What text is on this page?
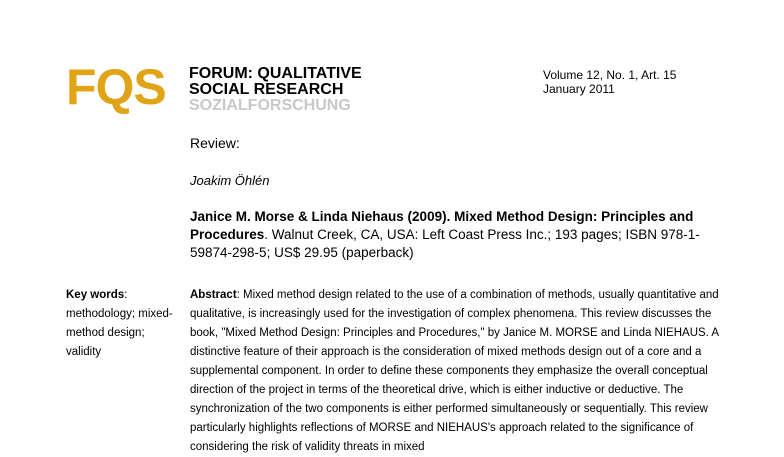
FQS FORUM: QUALITATIVE
SOCIAL RESEARCH
SOZIALFORSCHUNG
Volume 12, No. 1, Art. 15
January 2011
Review:
Joakim Öhlén
Janice M. Morse & Linda Niehaus (2009). Mixed Method Design: Principles and Procedures. Walnut Creek, CA, USA: Left Coast Press Inc.; 193 pages; ISBN 978-1-59874-298-5; US$ 29.95 (paperback)
Key words:
methodology; mixed-method design; validity
Abstract: Mixed method design related to the use of a combination of methods, usually quantitative and qualitative, is increasingly used for the investigation of complex phenomena. This review discusses the book, "Mixed Method Design: Principles and Procedures," by Janice M. MORSE and Linda NIEHAUS. A distinctive feature of their approach is the consideration of mixed methods design out of a core and a supplemental component. In order to define these components they emphasize the overall conceptual direction of the project in terms of the theoretical drive, which is either inductive or deductive. The synchronization of the two components is either performed simultaneously or sequentially. This review particularly highlights reflections of MORSE and NIEHAUS's approach related to the significance of considering the risk of validity threats in mixed
